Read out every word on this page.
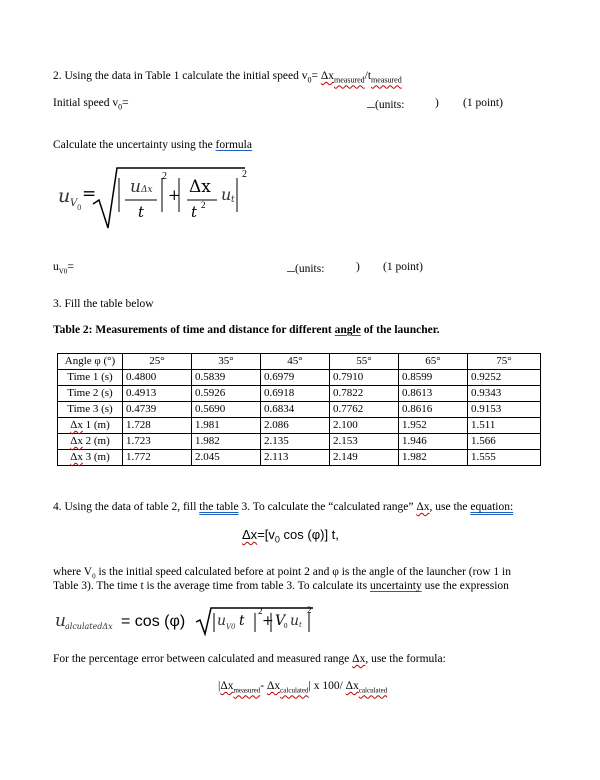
2. Using the data in Table 1 calculate the initial speed $v_0= \Delta x_{measured}/t_{measured}$
Initial speed $v_0=$	(units:	) (1 point)
Calculate the uncertainty using the formula
u V 0
= u Δx
t
2
+ Δx
t 2
u t
2
$u_{V0}=$	(units:	) (1 point)
3. Fill the table below
Table 2: Measurements of time and distance for different angle of the launcher.
Angle φ (°)	25°	35°	45°	55°	65°	75°
Time 1 (s)	0.4800	0.5839	0.6979	0.7910	0.8599	0.9252
Time 2 (s)	0.4913	0.5926	0.6918	0.7822	0.8613	0.9343
Time 3 (s)	0.4739	0.5690	0.6834	0.7762	0.8616	0.9153
Δx 1 (m)	1.728	1.981	2.086	2.100	1.952	1.511
Δx 2 (m)	1.723	1.982	2.135	2.153	1.946	1.566
Δx 3 (m)	1.772	2.045	2.113	2.149	1.982	1.555
4. Using the data of table 2, fill the table 3. To calculate the “calculated range” Δx, use the equation:
$\Delta x=[v_0$ cos (φ)] t,
where $V_0$ is the initial speed calculated before at point 2 and φ is the angle of the launcher (row 1 in
Table 3). The time t is the average time from table 3. To calculate its uncertainty use the expression
u alculatedΔx = cos (φ) u V0 t
2
+ V
0 u t
2
For the percentage error between calculated and measured range Δx, use the formula:
$|\Delta x_{measured}-$ $\Delta x_{calculated}|$ x 100/ $\Delta x_{calculated}$
